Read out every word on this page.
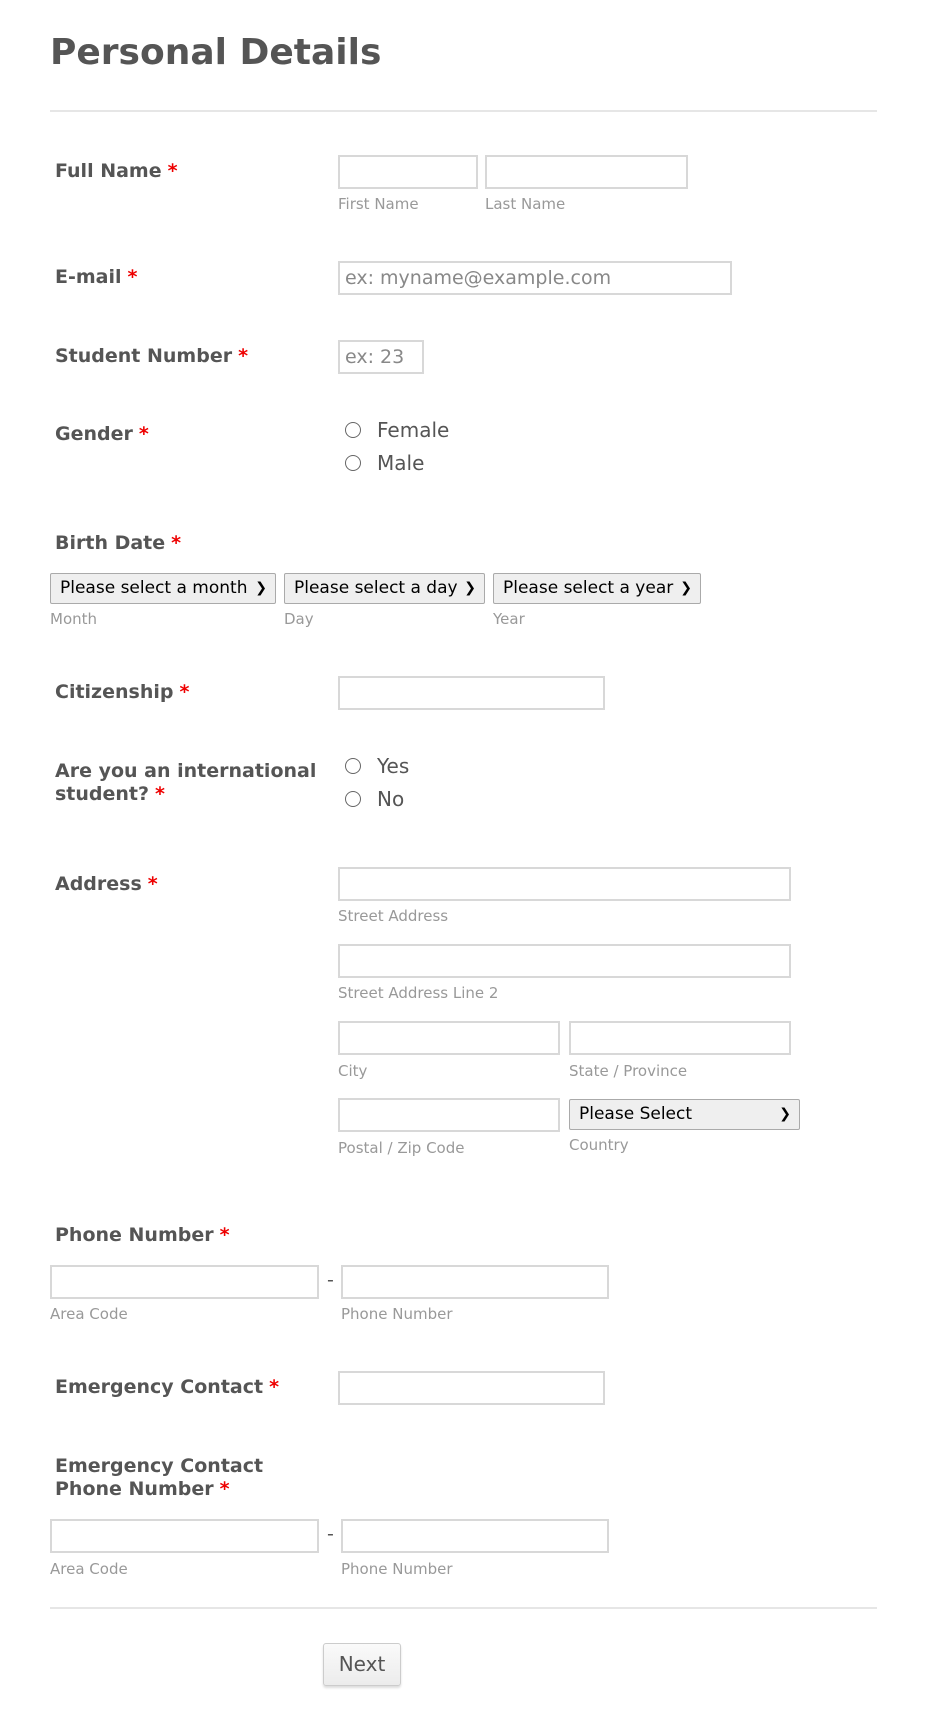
Personal Details
Full Name *
First Name	Last Name
E-mail *
ex: myname@example.com
Student Number *
ex: 23
Gender *	Female
Male
Birth Date *
Please select a month ❯	Please select a day ❯	Please select a year ❯
Month	Day	Year
Citizenship *
Are you an international
student? *
Yes
No
Address *
Street Address
Street Address Line 2
City	State / Province
Please Select	❯
Postal / Zip Code	Country
Phone Number *
-
Area Code	Phone Number
Emergency Contact *
Emergency Contact
Phone Number *
-
Area Code	Phone Number
Next
